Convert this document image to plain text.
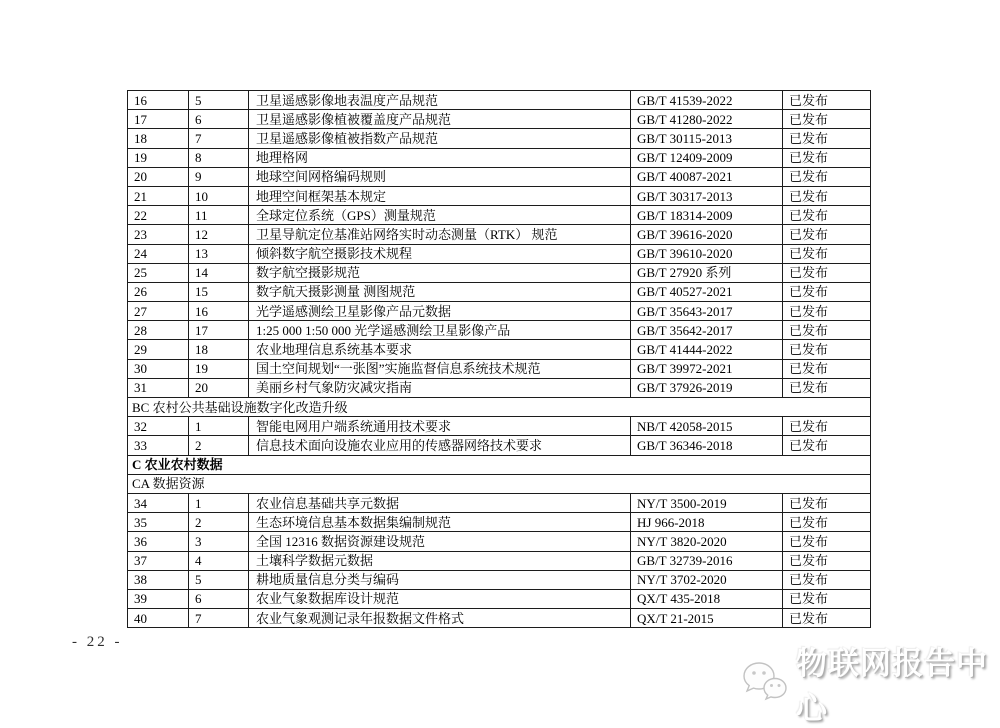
16	5	卫星遥感影像地表温度产品规范	GB/T 41539-2022	已发布
17	6	卫星遥感影像植被覆盖度产品规范	GB/T 41280-2022	已发布
18	7	卫星遥感影像植被指数产品规范	GB/T 30115-2013	已发布
19	8	地理格网	GB/T 12409-2009	已发布
20	9	地球空间网格编码规则	GB/T 40087-2021	已发布
21	10	地理空间框架基本规定	GB/T 30317-2013	已发布
22	11	全球定位系统（GPS）测量规范	GB/T 18314-2009	已发布
23	12	卫星导航定位基准站网络实时动态测量（RTK） 规范	GB/T 39616-2020	已发布
24	13	倾斜数字航空摄影技术规程	GB/T 39610-2020	已发布
25	14	数字航空摄影规范	GB/T 27920 系列	已发布
26	15	数字航天摄影测量 测图规范	GB/T 40527-2021	已发布
27	16	光学遥感测绘卫星影像产品元数据	GB/T 35643-2017	已发布
28	17	1:25 000 1:50 000 光学遥感测绘卫星影像产品	GB/T 35642-2017	已发布
29	18	农业地理信息系统基本要求	GB/T 41444-2022	已发布
30	19	国土空间规划“一张图”实施监督信息系统技术规范	GB/T 39972-2021	已发布
31	20	美丽乡村气象防灾减灾指南	GB/T 37926-2019	已发布
BC 农村公共基础设施数字化改造升级				
32	1	智能电网用户端系统通用技术要求	NB/T 42058-2015	已发布
33	2	信息技术面向设施农业应用的传感器网络技术要求	GB/T 36346-2018	已发布
C 农业农村数据				
CA 数据资源				
34	1	农业信息基础共享元数据	NY/T 3500-2019	已发布
35	2	生态环境信息基本数据集编制规范	HJ 966-2018	已发布
36	3	全国 12316 数据资源建设规范	NY/T 3820-2020	已发布
37	4	土壤科学数据元数据	GB/T 32739-2016	已发布
38	5	耕地质量信息分类与编码	NY/T 3702-2020	已发布
39	6	农业气象数据库设计规范	QX/T 435-2018	已发布
40	7	农业气象观测记录年报数据文件格式	QX/T 21-2015	已发布
- 22 -
物联网报告中心
